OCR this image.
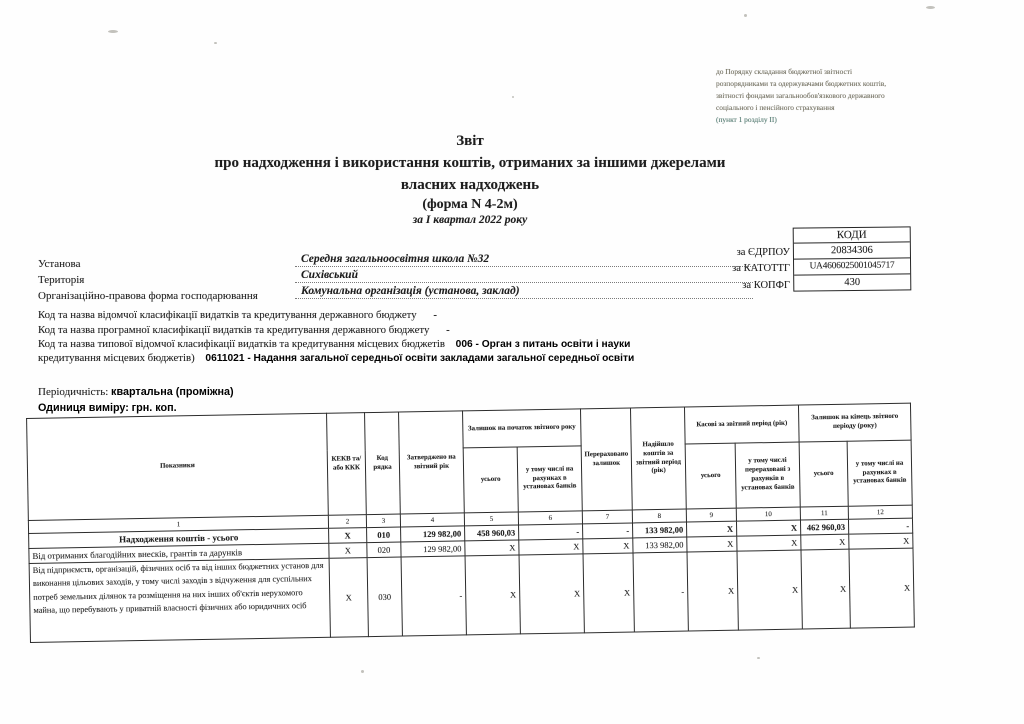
до Порядку складання бюджетної звітності
розпорядниками та одержувачами бюджетних коштів,
звітності фондами загальнообов'язкового державного
соціального і пенсійного страхування
(пункт 1 розділу ІІ)
Звіт
про надходження і використання коштів, отриманих за іншими джерелами
власних надходжень
(форма N 4-2м)
за І квартал 2022 року
КОДИ
20834306
UA4606025001045717
430
за ЄДРПОУ
за КАТОТТГ
за КОПФГ
Установа	Середня загальноосвітня школа №32
Територія	Сихівський
Організаційно-правова форма господарювання	Комунальна організація (установа, заклад)
Код та назва відомчої класифікації видатків та кредитування державного бюджету -
Код та назва програмної класифікації видатків та кредитування державного бюджету -
Код та назва типової відомчої класифікації видатків та кредитування місцевих бюджетів 006 - Орган з питань освіти і науки
кредитування місцевих бюджетів) 0611021 - Надання загальної середньої освіти закладами загальної середньої освіти
Періодичність: квартальна (проміжна)
Одиниця виміру: грн. коп.
Показники	КЕКВ та/або ККК	Код рядка	Затверджено на звітний рік	Залишок на початок звітного року		Перераховано залишок	Надійшло коштів за звітний період (рік)	Касові за звітний період (рік)		Залишок на кінець звітного періоду (року)	
				усього	у тому числі на рахунках в установах банків			усього	у тому числі перераховані з рахунків в установах банків	усього	у тому числі на рахунках в установах банків
1	2	3	4	5	6	7	8	9	10	11	12
Надходження коштів - усього	X	010	129 982,00	458 960,03	-	-	133 982,00	X	X	462 960,03	-
Від отриманих благодійних внесків, грантів та дарунків	X	020	129 982,00	X	X	X	133 982,00	X	X	X	X

Від підприємств, організацій, фізичних осіб та від інших бюджетних установ для виконання цільових заходів, у тому числі заходів з відчуження для суспільних потреб земельних ділянок та розміщення на них інших об'єктів нерухомого майна, що перебувають у приватній власності фізичних або юридичних осіб	X	030	-	X	X	X	-	X	X	X	X
